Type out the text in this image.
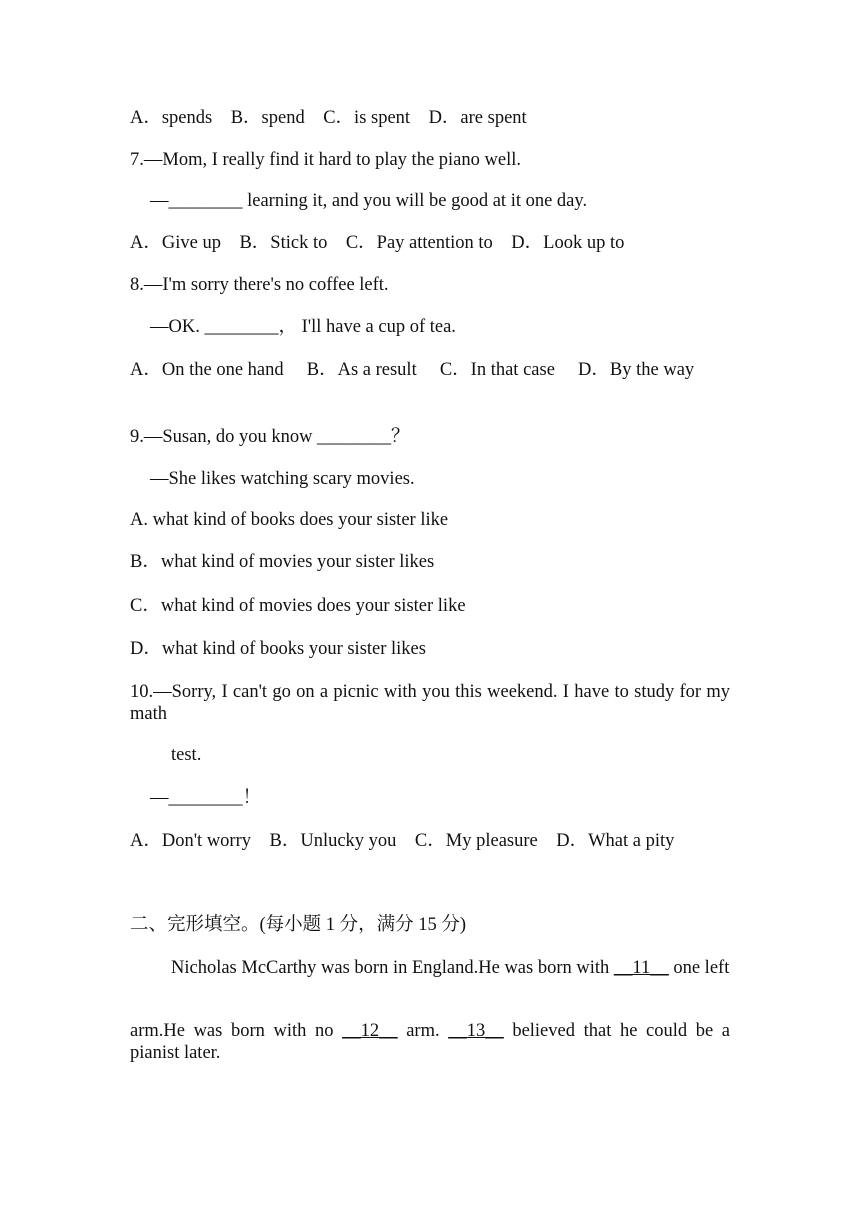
A．spends　B．spend　C．is spent　D．are spent
7.—Mom, I really find it hard to play the piano well.
—________ learning it, and you will be good at it one day.
A．Give up　B．Stick to　C．Pay attention to　D．Look up to
8.—I'm sorry there's no coffee left.
—OK. ________， I'll have a cup of tea.
A．On the one hand　 B．As a result　 C．In that case　 D．By the way
9.—Susan, do you know ________？
—She likes watching scary movies.
A. what kind of books does your sister like
B．what kind of movies your sister likes
C．what kind of movies does your sister like
D．what kind of books your sister likes
10.—Sorry, I can't go on a picnic with you this weekend. I have to study for my math
test.
—________！
A．Don't worry　B．Unlucky you　C．My pleasure　D．What a pity
二、完形填空。(每小题 1 分，满分 15 分)
Nicholas McCarthy was born in England.He was born with __11__ one left
arm.He was born with no __12__ arm. __13__ believed that he could be a pianist later.
